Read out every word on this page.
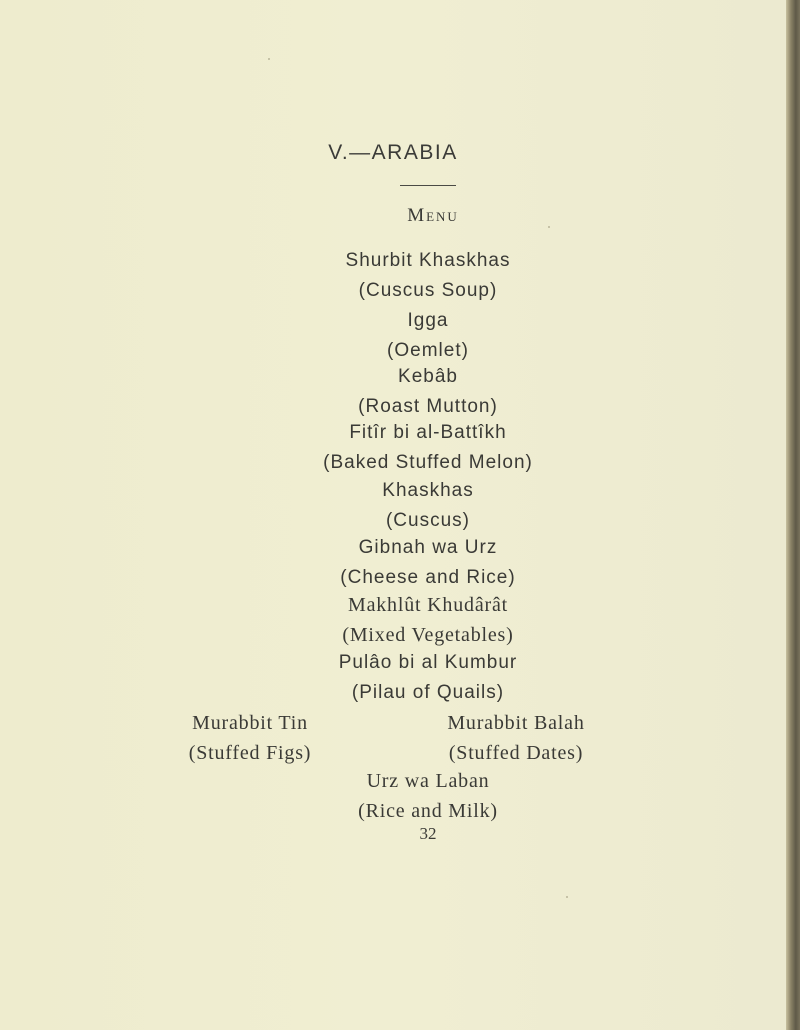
V.—ARABIA
Menu
Shurbit Khaskhas
(Cuscus Soup)
Igga
(Oemlet)
Kebâb
(Roast Mutton)
Fitîr bi al-Battîkh
(Baked Stuffed Melon)
Khaskhas
(Cuscus)
Gibnah wa Urz
(Cheese and Rice)
Makhlût Khudârât
(Mixed Vegetables)
Pulâo bi al Kumbur
(Pilau of Quails)
Murabbit Tin
(Stuffed Figs)
Murabbit Balah
(Stuffed Dates)
Urz wa Laban
(Rice and Milk)
32
